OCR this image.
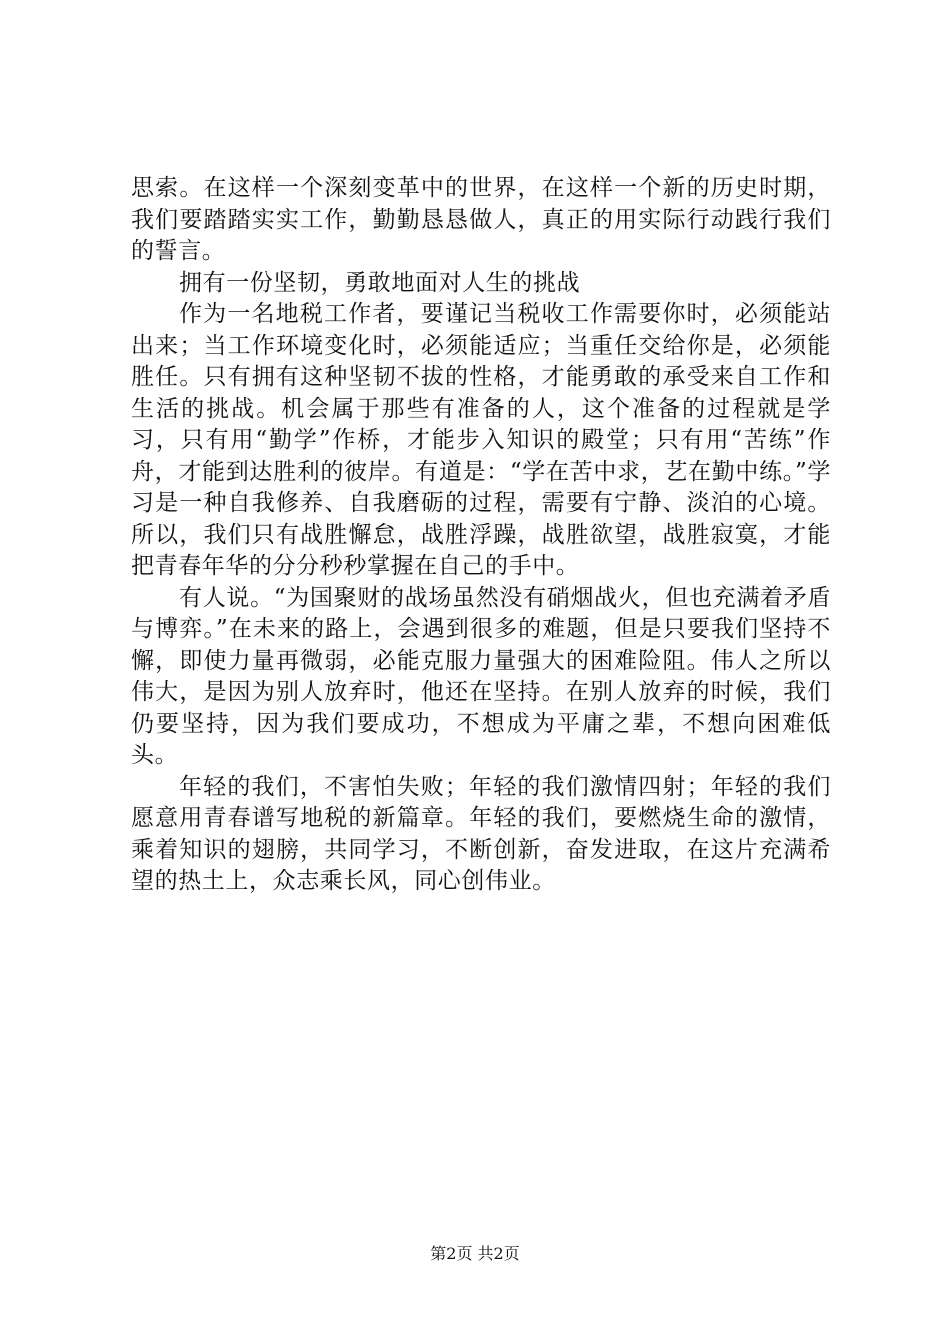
思索。在这样一个深刻变革中的世界，在这样一个新的历史时期，我们要踏踏实实工作，勤勤恳恳做人，真正的用实际行动践行我们的誓言。

拥有一份坚韧，勇敢地面对人生的挑战

作为一名地税工作者，要谨记当税收工作需要你时，必须能站出来；当工作环境变化时，必须能适应；当重任交给你是，必须能胜任。只有拥有这种坚韧不拔的性格，才能勇敢的承受来自工作和生活的挑战。机会属于那些有准备的人，这个准备的过程就是学习，只有用“勤学”作桥，才能步入知识的殿堂；只有用“苦练”作舟，才能到达胜利的彼岸。有道是：“学在苦中求，艺在勤中练。”学习是一种自我修养、自我磨砺的过程，需要有宁静、淡泊的心境。所以，我们只有战胜懈怠，战胜浮躁，战胜欲望，战胜寂寞，才能把青春年华的分分秒秒掌握在自己的手中。

有人说。“为国聚财的战场虽然没有硝烟战火，但也充满着矛盾与博弈。”在未来的路上，会遇到很多的难题，但是只要我们坚持不懈，即使力量再微弱，必能克服力量强大的困难险阻。伟人之所以伟大，是因为别人放弃时，他还在坚持。在别人放弃的时候，我们仍要坚持，因为我们要成功，不想成为平庸之辈，不想向困难低头。

年轻的我们，不害怕失败；年轻的我们激情四射；年轻的我们愿意用青春谱写地税的新篇章。年轻的我们，要燃烧生命的激情，乘着知识的翅膀，共同学习，不断创新，奋发进取，在这片充满希望的热土上，众志乘长风，同心创伟业。

第2页 共2页
